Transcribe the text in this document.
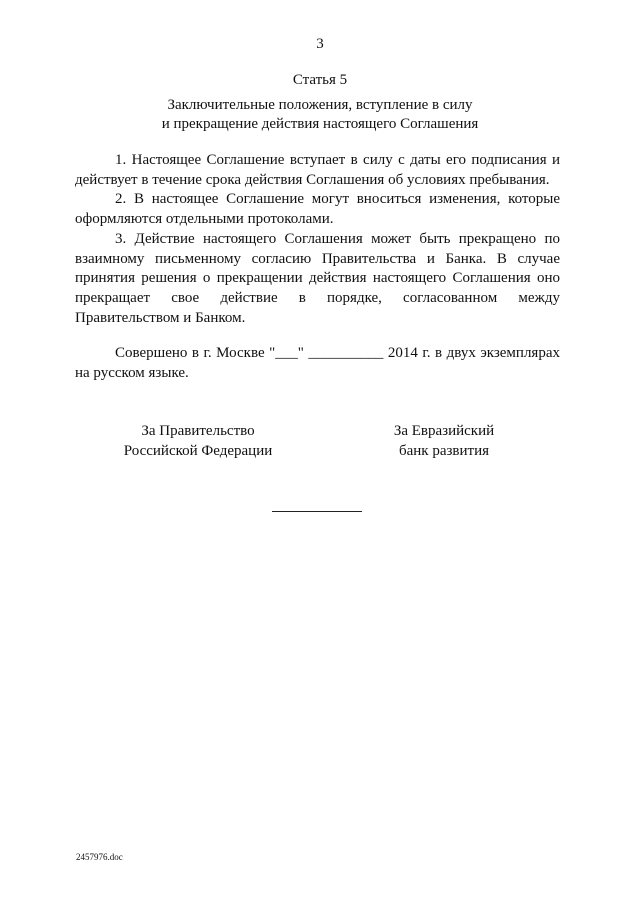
3
Статья 5
Заключительные положения, вступление в силу
и прекращение действия настоящего Соглашения

1. Настоящее Соглашение вступает в силу с даты его подписания и действует в течение срока действия Соглашения об условиях пребывания.

2. В настоящее Соглашение могут вноситься изменения, которые оформляются отдельными протоколами.

3. Действие настоящего Соглашения может быть прекращено по взаимному письменному согласию Правительства и Банка. В случае принятия решения о прекращении действия настоящего Соглашения оно прекращает свое действие в порядке, согласованном между Правительством и Банком.

Совершено в г. Москве "___" __________ 2014 г. в двух экземплярах на русском языке.

За Правительство
Российской Федерации
За Евразийский
банк развития
2457976.doc
